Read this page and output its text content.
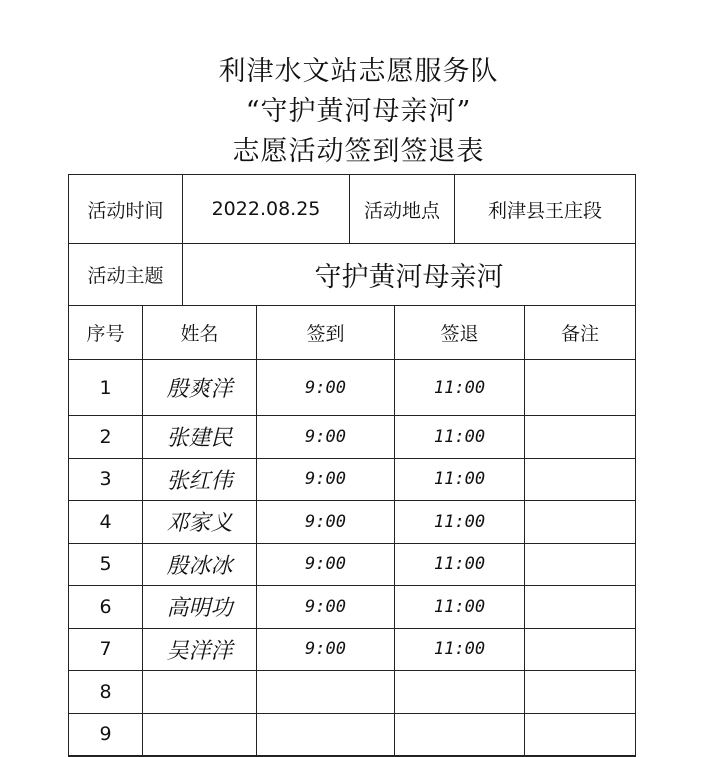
利津水文站志愿服务队
“守护黄河母亲河”
志愿活动签到签退表
活动时间	2022.08.25	活动地点	利津县王庄段
活动主题	守护黄河母亲河
序号	姓名	签到	签退	备注
1	殷爽洋	9:00	11:00
2	张建民	9:00	11:00
3	张红伟	9:00	11:00
4	邓家义	9:00	11:00
5	殷冰冰	9:00	11:00
6	高明功	9:00	11:00
7	吴洋洋	9:00	11:00
8
9
